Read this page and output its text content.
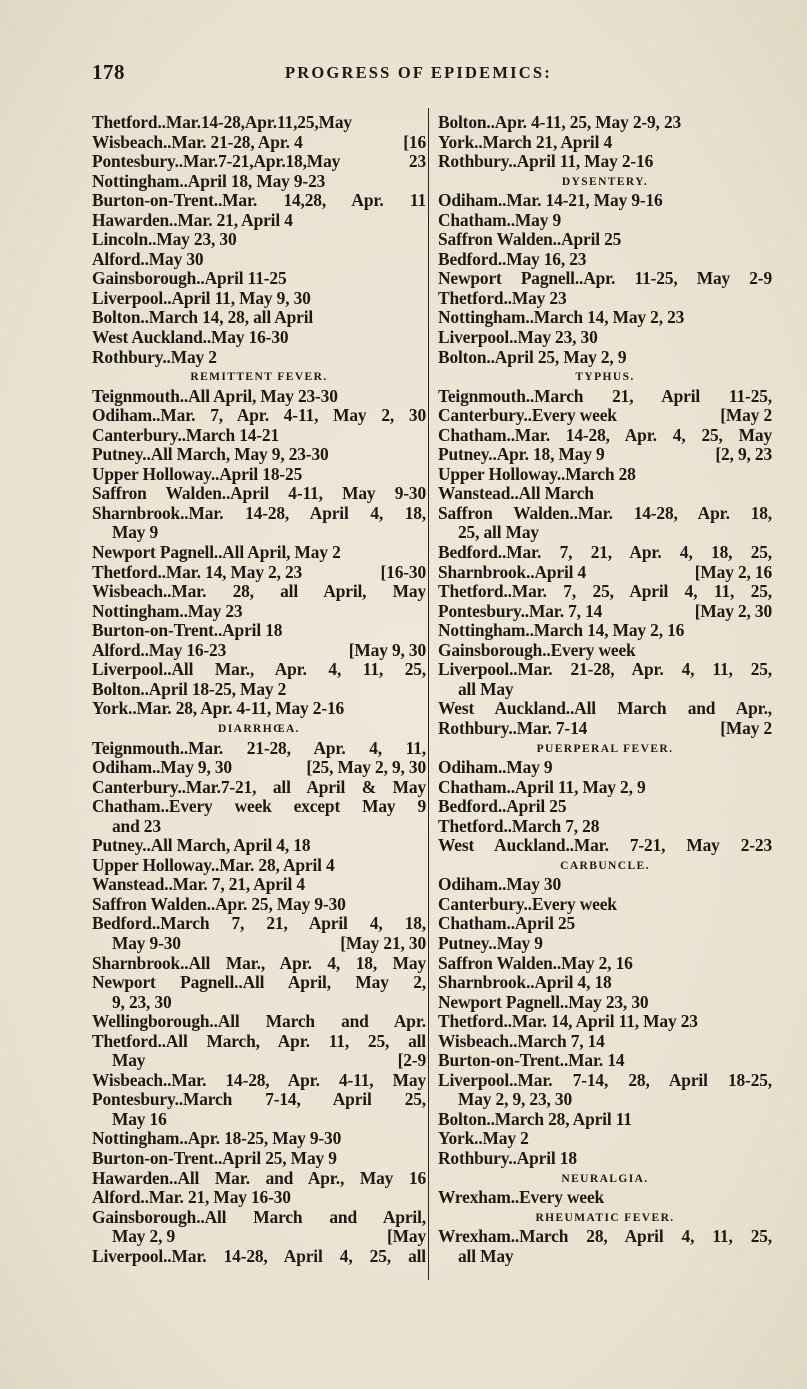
178	PROGRESS OF EPIDEMICS:
Thetford..Mar.14-28,Apr.11,25,May
Wisbeach..Mar. 21-28, Apr. 4	[16
Pontesbury..Mar.7-21,Apr.18,May 23
Nottingham..April 18, May 9-23
Burton-on-Trent..Mar. 14,28, Apr. 11
Hawarden..Mar. 21, April 4
Lincoln..May 23, 30
Alford..May 30
Gainsborough..April 11-25
Liverpool..April 11, May 9, 30
Bolton..March 14, 28, all April
West Auckland..May 16-30
Rothbury..May 2
REMITTENT FEVER.
Teignmouth..All April, May 23-30
Odiham..Mar. 7, Apr. 4-11, May 2, 30
Canterbury..March 14-21
Putney..All March, May 9, 23-30
Upper Holloway..April 18-25
Saffron Walden..April 4-11, May 9-30
Sharnbrook..Mar. 14-28, April 4, 18,
May 9
Newport Pagnell..All April, May 2
Thetford..Mar. 14, May 2, 23	[16-30
Wisbeach..Mar. 28, all April, May
Nottingham..May 23
Burton-on-Trent..April 18
Alford..May 16-23	[May 9, 30
Liverpool..All Mar., Apr. 4, 11, 25,
Bolton..April 18-25, May 2
York..Mar. 28, Apr. 4-11, May 2-16
DIARRHŒA.
Teignmouth..Mar. 21-28, Apr. 4, 11,
Odiham..May 9, 30	[25, May 2, 9, 30
Canterbury..Mar.7-21, all April & May
Chatham..Every week except May 9
and 23
Putney..All March, April 4, 18
Upper Holloway..Mar. 28, April 4
Wanstead..Mar. 7, 21, April 4
Saffron Walden..Apr. 25, May 9-30
Bedford..March 7, 21, April 4, 18,
May 9-30	[May 21, 30
Sharnbrook..All Mar., Apr. 4, 18, May
Newport Pagnell..All April, May 2,
9, 23, 30
Wellingborough..All March and Apr.
Thetford..All March, Apr. 11, 25, all
May	[2-9
Wisbeach..Mar. 14-28, Apr. 4-11, May
Pontesbury..March 7-14, April 25,
May 16
Nottingham..Apr. 18-25, May 9-30
Burton-on-Trent..April 25, May 9
Hawarden..All Mar. and Apr., May 16
Alford..Mar. 21, May 16-30
Gainsborough..All March and April,
May 2, 9	[May
Liverpool..Mar. 14-28, April 4, 25, all
Bolton..Apr. 4-11, 25, May 2-9, 23
York..March 21, April 4
Rothbury..April 11, May 2-16
DYSENTERY.
Odiham..Mar. 14-21, May 9-16
Chatham..May 9
Saffron Walden..April 25
Bedford..May 16, 23
Newport Pagnell..Apr. 11-25, May 2-9
Thetford..May 23
Nottingham..March 14, May 2, 23
Liverpool..May 23, 30
Bolton..April 25, May 2, 9
TYPHUS.
Teignmouth..March 21, April 11-25,
Canterbury..Every week	[May 2
Chatham..Mar. 14-28, Apr. 4, 25, May
Putney..Apr. 18, May 9	[2, 9, 23
Upper Holloway..March 28
Wanstead..All March
Saffron Walden..Mar. 14-28, Apr. 18,
25, all May
Bedford..Mar. 7, 21, Apr. 4, 18, 25,
Sharnbrook..April 4	[May 2, 16
Thetford..Mar. 7, 25, April 4, 11, 25,
Pontesbury..Mar. 7, 14	[May 2, 30
Nottingham..March 14, May 2, 16
Gainsborough..Every week
Liverpool..Mar. 21-28, Apr. 4, 11, 25,
all May
West Auckland..All March and Apr.,
Rothbury..Mar. 7-14	[May 2
PUERPERAL FEVER.
Odiham..May 9
Chatham..April 11, May 2, 9
Bedford..April 25
Thetford..March 7, 28
West Auckland..Mar. 7-21, May 2-23
CARBUNCLE.
Odiham..May 30
Canterbury..Every week
Chatham..April 25
Putney..May 9
Saffron Walden..May 2, 16
Sharnbrook..April 4, 18
Newport Pagnell..May 23, 30
Thetford..Mar. 14, April 11, May 23
Wisbeach..March 7, 14
Burton-on-Trent..Mar. 14
Liverpool..Mar. 7-14, 28, April 18-25,
May 2, 9, 23, 30
Bolton..March 28, April 11
York..May 2
Rothbury..April 18
NEURALGIA.
Wrexham..Every week
RHEUMATIC FEVER.
Wrexham..March 28, April 4, 11, 25,
all May
